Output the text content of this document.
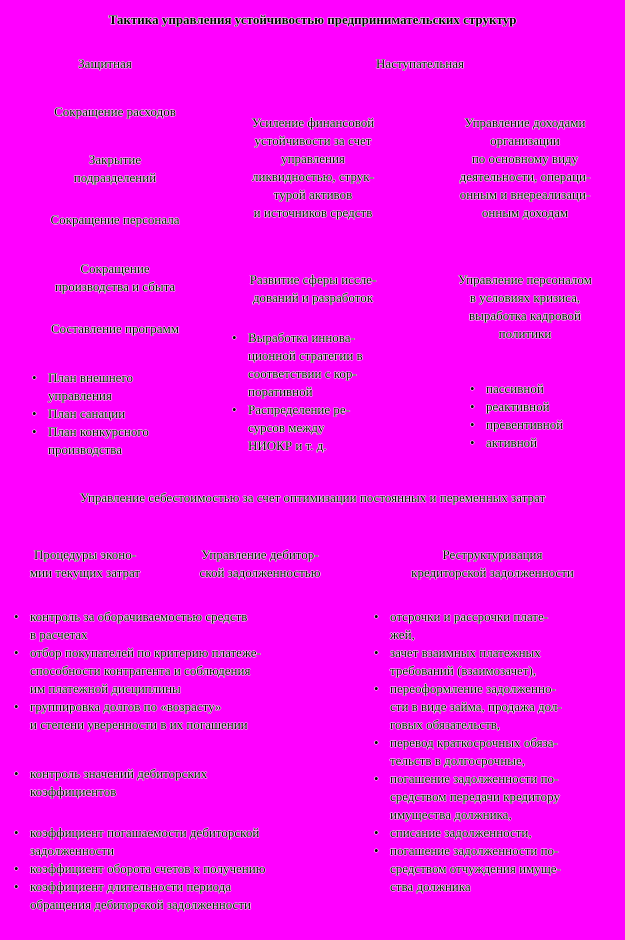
Тактика управления устойчивостью предпринимательских структур
Защитная	Наступательная
Сокращение расходов
Закрытие
подразделений
Сокращение персонала
Сокращение
производства и сбыта
Составление программ
• План внешнего
управления
• План санации
• План конкурсного
производства
Усиление финансовой
устойчивости за счет
управления
ликвидностью, струк-
турой активов
и источников средств
Развитие сферы иссле-
дований и разработок
• Выработка иннова-
ционной стратегии в
соответствии с кор-
поративной
• Распределение ре-
сурсов между
НИОКР и т. д.
Управление доходами
организации
по основному виду
деятельности, операци-
онным и внереализаци-
онным доходам
Управление персоналом
в условиях кризиса,
выработка кадровой
политики
• пассивной
• реактивной
• превентивной
• активной
Управление себестоимостью за счет оптимизации постоянных и переменных затрат
Процедуры эконо-
мии текущих затрат
Управление дебитор-
ской задолженностью
Реструктуризация
кредиторской задолженности
• контроль за оборачиваемостью средств
в расчетах
• отбор покупателей по критерию платеже-
способности контрагента и соблюдения
им платежной дисциплины
• группировка долгов по «возрасту»
и степени уверенности в их погашении
• контроль значений дебиторских
коэффициентов
• коэффициент погашаемости дебиторской
задолженности
• коэффициент оборота счетов к получению
• коэффициент длительности периода
обращения дебиторской задолженности
• отсрочки и рассрочки плате-
жей,
• зачет взаимных платежных
требований (взаимозачет),
• переоформление задолженно-
сти в виде займа, продажа дол-
говых обязательств,
• перевод краткосрочных обяза-
тельств в долгосрочные,
• погашение задолженности по-
средством передачи кредитору
имущества должника,
• списание задолженности,
• погашение задолженности по-
средством отчуждения имуще-
ства должника
